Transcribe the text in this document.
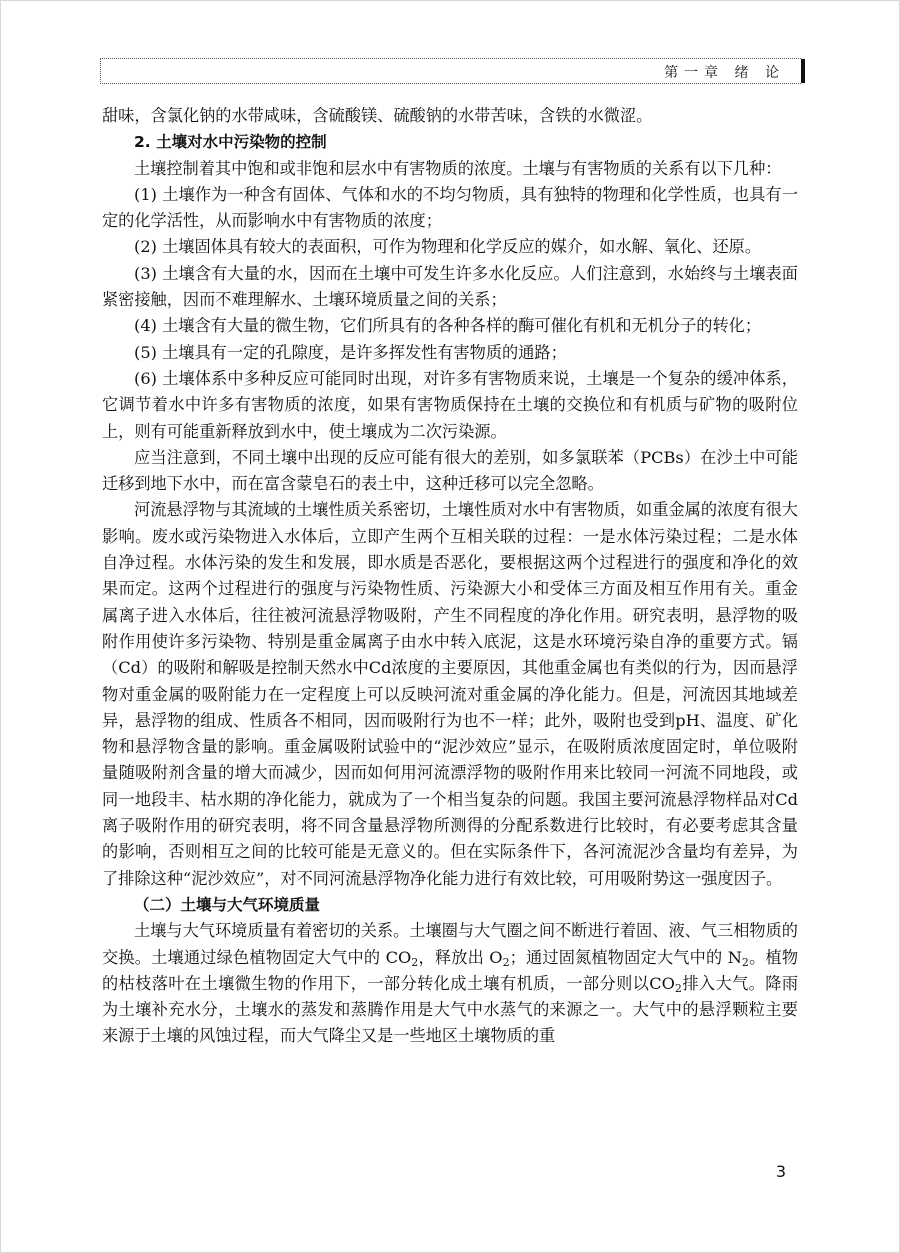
第一章 绪 论

甜味，含氯化钠的水带咸味，含硫酸镁、硫酸钠的水带苦味，含铁的水微涩。

2. 土壤对水中污染物的控制

土壤控制着其中饱和或非饱和层水中有害物质的浓度。土壤与有害物质的关系有以下几种：

(1) 土壤作为一种含有固体、气体和水的不均匀物质，具有独特的物理和化学性质，也具有一定的化学活性，从而影响水中有害物质的浓度；

(2) 土壤固体具有较大的表面积，可作为物理和化学反应的媒介，如水解、氧化、还原。

(3) 土壤含有大量的水，因而在土壤中可发生许多水化反应。人们注意到，水始终与土壤表面紧密接触，因而不难理解水、土壤环境质量之间的关系；

(4) 土壤含有大量的微生物，它们所具有的各种各样的酶可催化有机和无机分子的转化；

(5) 土壤具有一定的孔隙度，是许多挥发性有害物质的通路；

(6) 土壤体系中多种反应可能同时出现，对许多有害物质来说，土壤是一个复杂的缓冲体系，它调节着水中许多有害物质的浓度，如果有害物质保持在土壤的交换位和有机质与矿物的吸附位上，则有可能重新释放到水中，使土壤成为二次污染源。

应当注意到，不同土壤中出现的反应可能有很大的差别，如多氯联苯（PCBs）在沙土中可能迁移到地下水中，而在富含蒙皂石的表土中，这种迁移可以完全忽略。

河流悬浮物与其流域的土壤性质关系密切，土壤性质对水中有害物质，如重金属的浓度有很大影响。废水或污染物进入水体后，立即产生两个互相关联的过程：一是水体污染过程；二是水体自净过程。水体污染的发生和发展，即水质是否恶化，要根据这两个过程进行的强度和净化的效果而定。这两个过程进行的强度与污染物性质、污染源大小和受体三方面及相互作用有关。重金属离子进入水体后，往往被河流悬浮物吸附，产生不同程度的净化作用。研究表明，悬浮物的吸附作用使许多污染物、特别是重金属离子由水中转入底泥，这是水环境污染自净的重要方式。镉（Cd）的吸附和解吸是控制天然水中Cd浓度的主要原因，其他重金属也有类似的行为，因而悬浮物对重金属的吸附能力在一定程度上可以反映河流对重金属的净化能力。但是，河流因其地域差异，悬浮物的组成、性质各不相同，因而吸附行为也不一样；此外，吸附也受到pH、温度、矿化物和悬浮物含量的影响。重金属吸附试验中的“泥沙效应”显示，在吸附质浓度固定时，单位吸附量随吸附剂含量的增大而减少，因而如何用河流漂浮物的吸附作用来比较同一河流不同地段，或同一地段丰、枯水期的净化能力，就成为了一个相当复杂的问题。我国主要河流悬浮物样品对Cd离子吸附作用的研究表明，将不同含量悬浮物所测得的分配系数进行比较时，有必要考虑其含量的影响，否则相互之间的比较可能是无意义的。但在实际条件下，各河流泥沙含量均有差异，为了排除这种“泥沙效应”，对不同河流悬浮物净化能力进行有效比较，可用吸附势这一强度因子。

（二）土壤与大气环境质量

土壤与大气环境质量有着密切的关系。土壤圈与大气圈之间不断进行着固、液、气三相物质的交换。土壤通过绿色植物固定大气中的 $CO_2$，释放出 $O_2$；通过固氮植物固定大气中的 $N_2$。植物的枯枝落叶在土壤微生物的作用下，一部分转化成土壤有机质，一部分则以$CO_2$排入大气。降雨为土壤补充水分，土壤水的蒸发和蒸腾作用是大气中水蒸气的来源之一。大气中的悬浮颗粒主要来源于土壤的风蚀过程，而大气降尘又是一些地区土壤物质的重

3
